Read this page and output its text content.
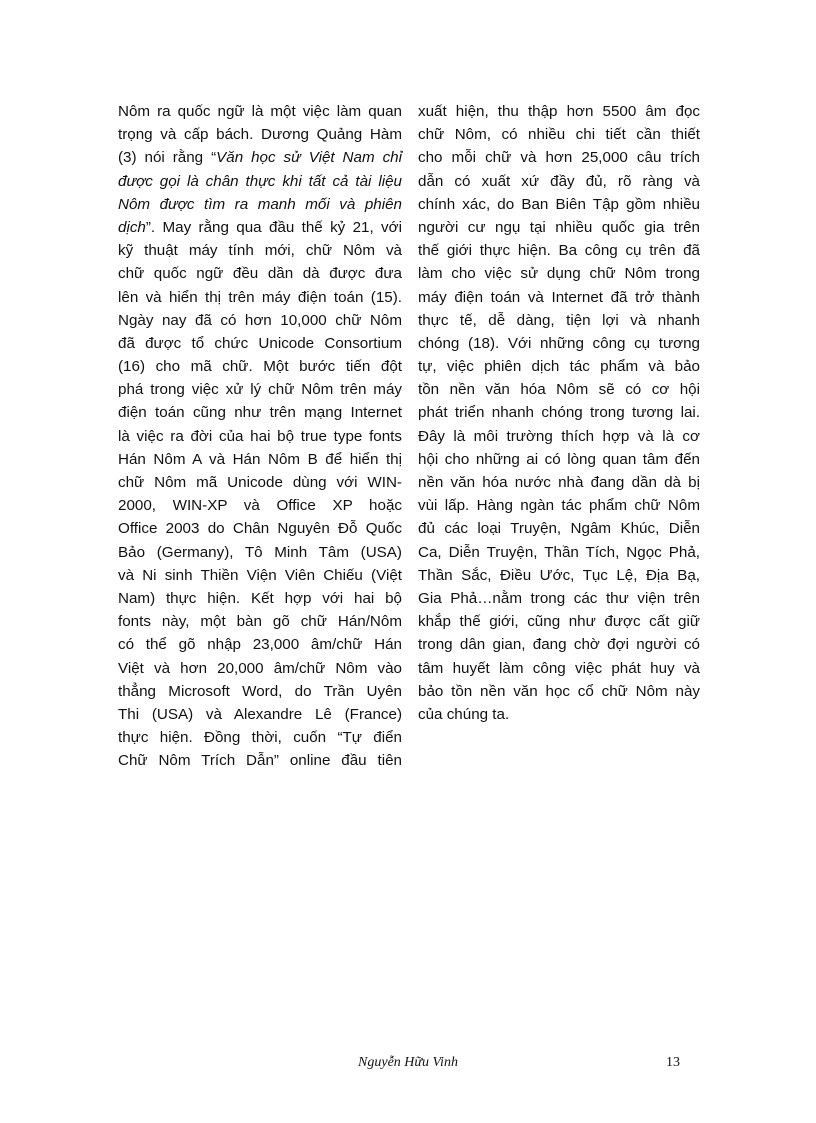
Nôm ra quốc ngữ là một việc làm quan
trọng và cấp bách. Dương Quảng Hàm
(3) nói rằng “Văn học sử Việt Nam chỉ
được gọi là chân thực khi tất cả tài liệu
Nôm được tìm ra manh mối và phiên
dịch”. May rằng qua đầu thế kỷ 21, với
kỹ thuật máy tính mới, chữ Nôm và
chữ quốc ngữ đều dần dà được đưa
lên và hiển thị trên máy điện toán (15).
Ngày nay đã có hơn 10,000 chữ Nôm
đã được tổ chức Unicode Consortium
(16) cho mã chữ. Một bước tiến đột
phá trong việc xử lý chữ Nôm trên máy
điện toán cũng như trên mạng Internet
là việc ra đời của hai bộ true type fonts
Hán Nôm A và Hán Nôm B để hiển thị
chữ Nôm mã Unicode dùng với WIN-
2000, WIN-XP và Office XP hoặc
Office 2003 do Chân Nguyên Đỗ Quốc
Bảo (Germany), Tô Minh Tâm (USA)
và Ni sinh Thiền Viện Viên Chiếu (Việt
Nam) thực hiện. Kết hợp với hai bộ
fonts này, một bàn gõ chữ Hán/Nôm
có thể gõ nhập 23,000 âm/chữ Hán
Việt và hơn 20,000 âm/chữ Nôm vào
thẳng Microsoft Word, do Trần Uyên
Thi (USA) và Alexandre Lê (France)
thực hiện. Đồng thời, cuốn “Tự điển
Chữ Nôm Trích Dẫn” online đầu tiên
xuất hiện, thu thập hơn 5500 âm đọc
chữ Nôm, có nhiều chi tiết cần thiết
cho mỗi chữ và hơn 25,000 câu trích
dẫn có xuất xứ đầy đủ, rõ ràng và
chính xác, do Ban Biên Tập gồm nhiều
người cư ngụ tại nhiều quốc gia trên
thế giới thực hiện. Ba công cụ trên đã
làm cho việc sử dụng chữ Nôm trong
máy điện toán và Internet đã trở thành
thực tế, dễ dàng, tiện lợi và nhanh
chóng (18). Với những công cụ tương
tự, việc phiên dịch tác phẩm và bảo
tồn nền văn hóa Nôm sẽ có cơ hội
phát triển nhanh chóng trong tương lai.
Đây là môi trường thích hợp và là cơ
hội cho những ai có lòng quan tâm đến
nền văn hóa nước nhà đang dần dà bị
vùi lấp. Hàng ngàn tác phẩm chữ Nôm
đủ các loại Truyện, Ngâm Khúc, Diễn
Ca, Diễn Truyện, Thần Tích, Ngọc Phả,
Thần Sắc, Điều Ước, Tục Lệ, Địa Bạ,
Gia Phả…nằm trong các thư viện trên
khắp thế giới, cũng như được cất giữ
trong dân gian, đang chờ đợi người có
tâm huyết làm công việc phát huy và
bảo tồn nền văn học cổ chữ Nôm này
của chúng ta.
Nguyễn Hữu Vinh	13
